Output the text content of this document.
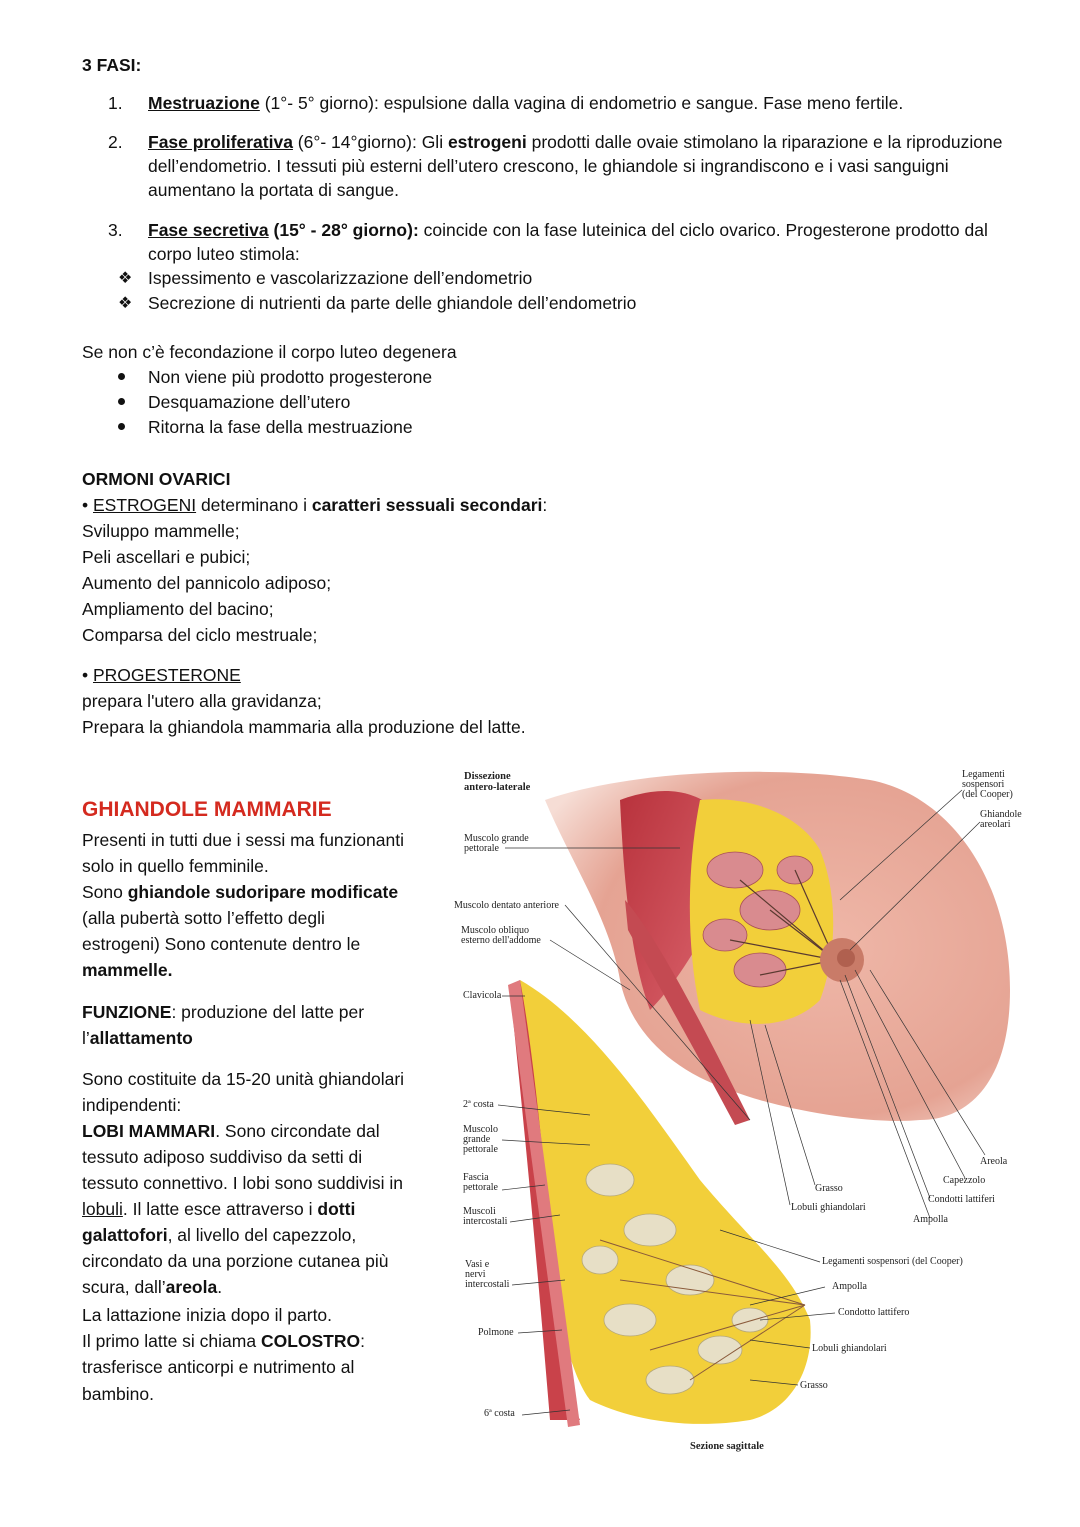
3 FASI:
1.	Mestruazione (1°- 5° giorno): espulsione dalla vagina di endometrio e sangue. Fase meno fertile.
2.	Fase proliferativa (6°- 14°giorno): Gli estrogeni prodotti dalle ovaie stimolano la riparazione e la riproduzione dell’endometrio. I tessuti più esterni dell’utero crescono, le ghiandole si ingrandiscono e i vasi sanguigni aumentano la portata di sangue.
3.	Fase secretiva (15° - 28° giorno): coincide con la fase luteinica del ciclo ovarico. Progesterone prodotto dal corpo luteo stimola:
❖ Ispessimento e vascolarizzazione dell’endometrio
❖ Secrezione di nutrienti da parte delle ghiandole dell’endometrio
Se non c’è fecondazione il corpo luteo degenera
Non viene più prodotto progesterone
Desquamazione dell’utero
Ritorna la fase della mestruazione
ORMONI OVARICI
• ESTROGENI determinano i caratteri sessuali secondari:
Sviluppo mammelle;
Peli ascellari e pubici;
Aumento del pannicolo adiposo;
Ampliamento del bacino;
Comparsa del ciclo mestruale;
• PROGESTERONE
prepara l'utero alla gravidanza;
Prepara la ghiandola mammaria alla produzione del latte.
GHIANDOLE MAMMARIE
Presenti in tutti due i sessi ma funzionanti
solo in quello femminile.
Sono ghiandole sudoripare modificate
(alla pubertà sotto l’effetto degli
estrogeni) Sono contenute dentro le
mammelle.
FUNZIONE: produzione del latte per
l’allattamento
Sono costituite da 15-20 unità ghiandolari
indipendenti:
LOBI MAMMARI. Sono circondate dal
tessuto adiposo suddiviso da setti di
tessuto connettivo. I lobi sono suddivisi in
lobuli. Il latte esce attraverso i dotti
galattofori, al livello del capezzolo,
circondato da una porzione cutanea più
scura, dall’areola.
La lattazione inizia dopo il parto.
Il primo latte si chiama COLOSTRO:
trasferisce anticorpi e nutrimento al
bambino.
Dissezione
antero-laterale
Muscolo grande
pettorale
Muscolo dentato anteriore
Muscolo obliquo
esterno dell'addome
Clavicola
2ª costa
Muscolo
grande
pettorale
Fascia
pettorale
Muscoli
intercostali
Vasi e
nervi
intercostali
Polmone
6ª costa
Legamenti
sospensori
(del Cooper)
Ghiandole
areolari
Areola
Capezzolo
Condotti lattiferi
Ampolla
Grasso
Lobuli ghiandolari
Legamenti sospensori (del Cooper)
Ampolla
Condotto lattifero
Lobuli ghiandolari
Grasso
Sezione sagittale
